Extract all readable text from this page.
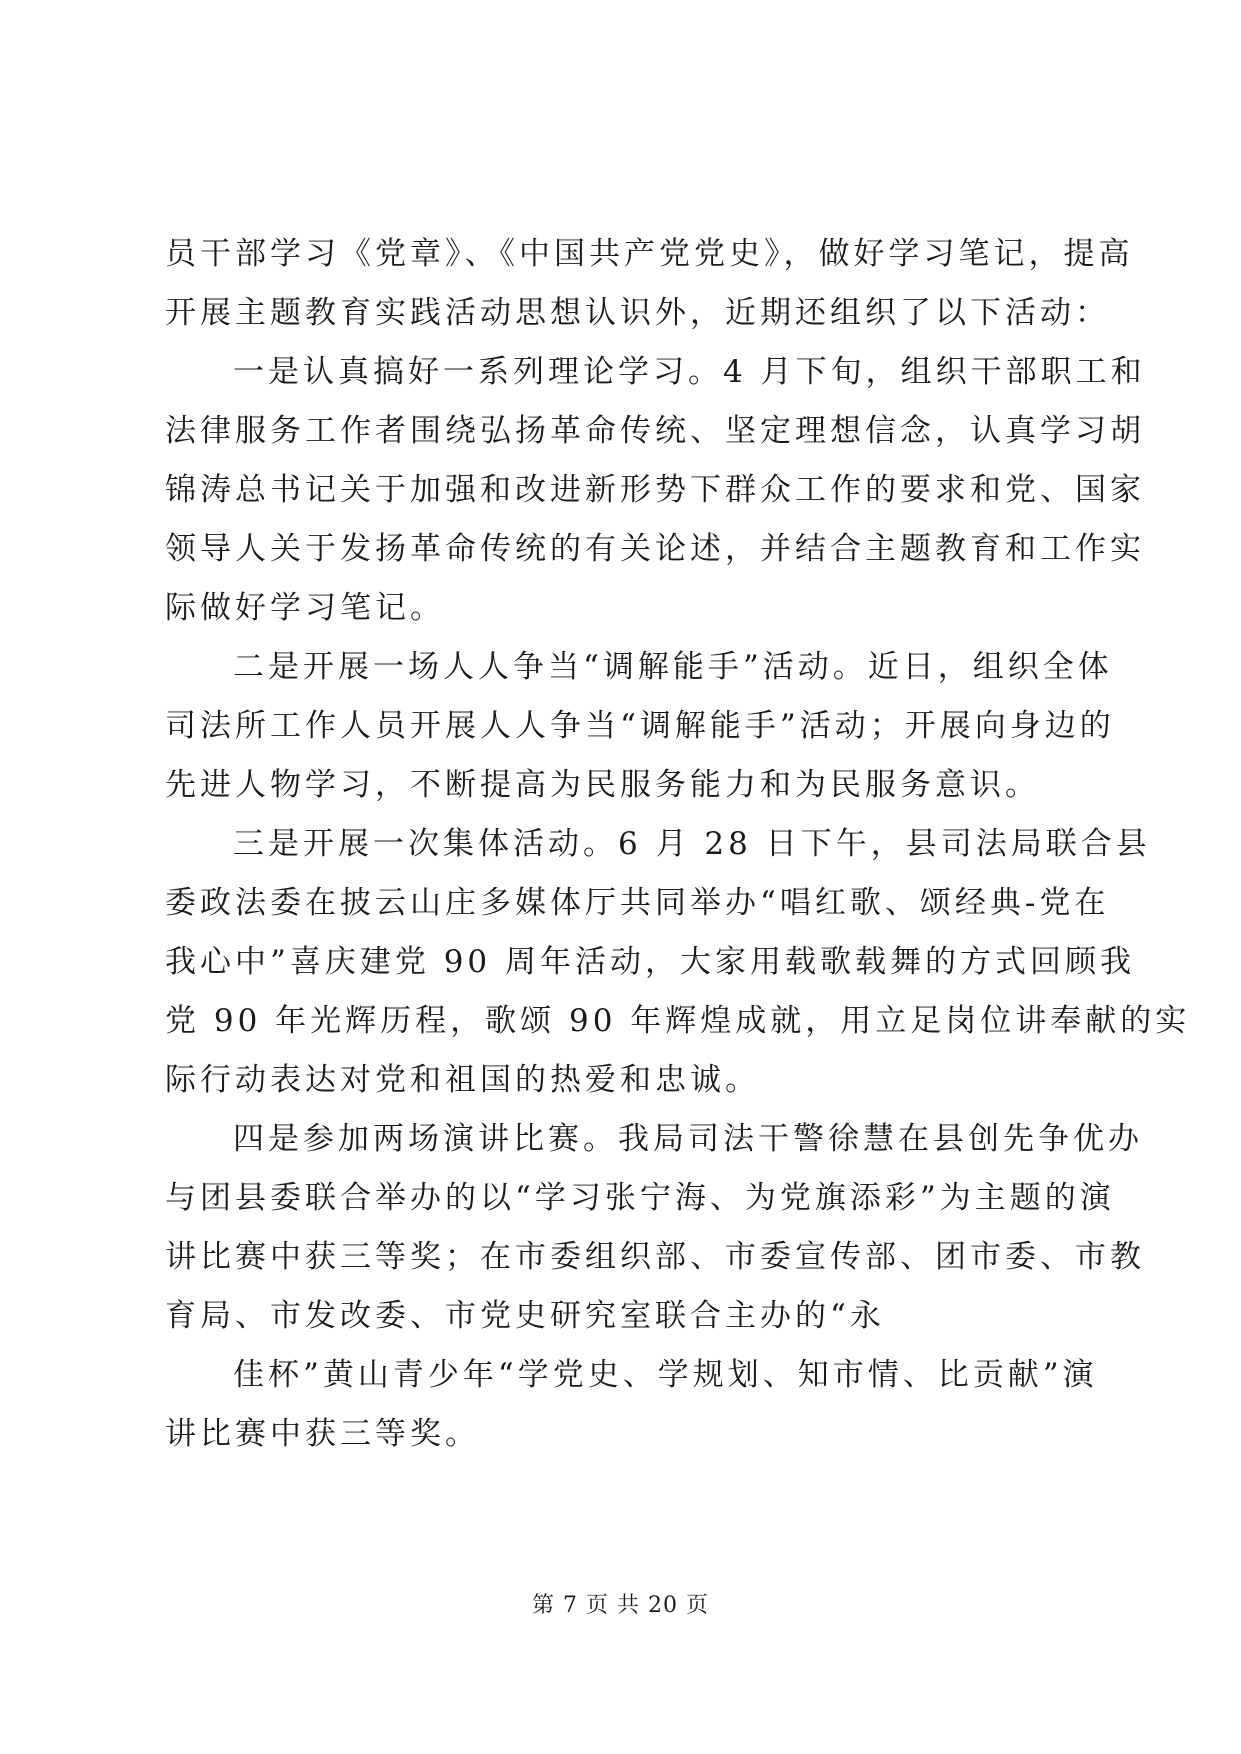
员干部学习《党章》、《中国共产党党史》，做好学习笔记，提高
开展主题教育实践活动思想认识外，近期还组织了以下活动：
一是认真搞好一系列理论学习。4 月下旬，组织干部职工和
法律服务工作者围绕弘扬革命传统、坚定理想信念，认真学习胡
锦涛总书记关于加强和改进新形势下群众工作的要求和党、国家
领导人关于发扬革命传统的有关论述，并结合主题教育和工作实
际做好学习笔记。
二是开展一场人人争当“调解能手”活动。近日，组织全体
司法所工作人员开展人人争当“调解能手”活动；开展向身边的
先进人物学习，不断提高为民服务能力和为民服务意识。
三是开展一次集体活动。6 月 28 日下午，县司法局联合县
委政法委在披云山庄多媒体厅共同举办“唱红歌、颂经典-党在
我心中”喜庆建党 90 周年活动，大家用载歌载舞的方式回顾我
党 90 年光辉历程，歌颂 90 年辉煌成就，用立足岗位讲奉献的实
际行动表达对党和祖国的热爱和忠诚。
四是参加两场演讲比赛。我局司法干警徐慧在县创先争优办
与团县委联合举办的以“学习张宁海、为党旗添彩”为主题的演
讲比赛中获三等奖；在市委组织部、市委宣传部、团市委、市教
育局、市发改委、市党史研究室联合主办的“永
佳杯”黄山青少年“学党史、学规划、知市情、比贡献”演
讲比赛中获三等奖。
第 7 页 共 20 页
